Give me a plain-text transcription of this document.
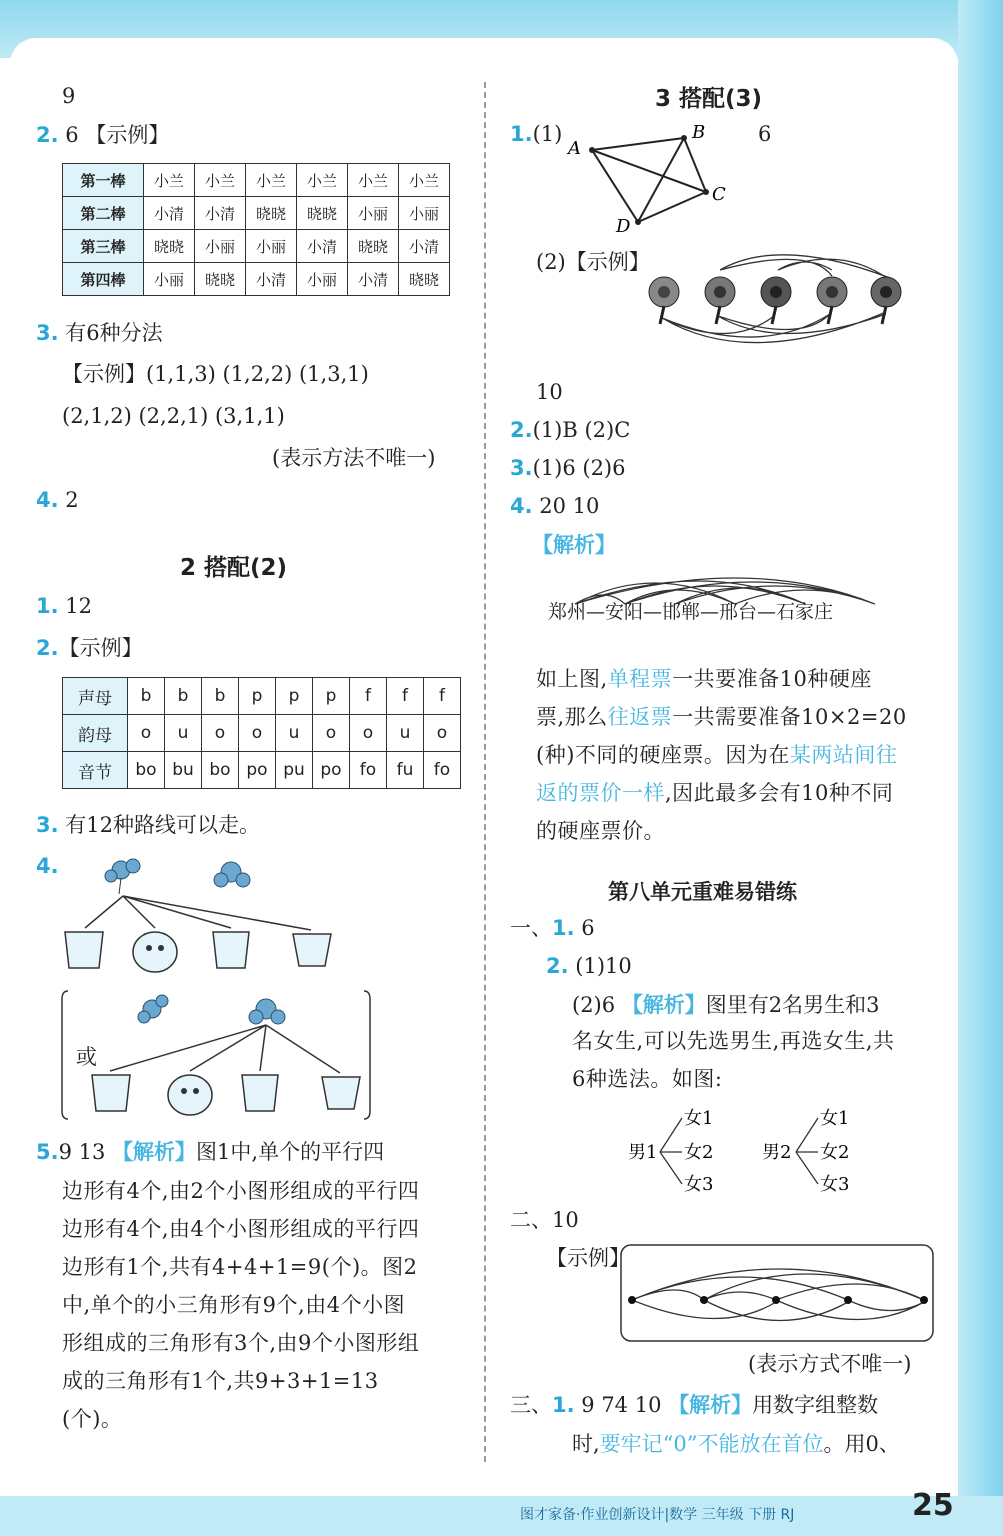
9
2. 6 【示例】
第一棒	小兰	小兰	小兰	小兰	小兰	小兰
第二棒	小清	小清	晓晓	晓晓	小丽	小丽
第三棒	晓晓	小丽	小丽	小清	晓晓	小清
第四棒	小丽	晓晓	小清	小丽	小清	晓晓
3. 有6种分法
【示例】(1,1,3) (1,2,2) (1,3,1)
(2,1,2) (2,2,1) (3,1,1)
(表示方法不唯一)
4. 2
2 搭配(2)
1. 12
2.【示例】
声母	b	b	b	p	p	p	f	f	f
韵母	o	u	o	o	u	o	o	u	o
音节	bo	bu	bo	po	pu	po	fo	fu	fo
3. 有12种路线可以走。
4.
或
5.9 13 【解析】图1中,单个的平行四
边形有4个,由2个小图形组成的平行四
边形有4个,由4个小图形组成的平行四
边形有1个,共有4+4+1=9(个)。图2
中,单个的小三角形有9个,由4个小图
形组成的三角形有3个,由9个小图形组
成的三角形有1个,共9+3+1=13
(个)。
3 搭配(3)
1.(1)	6
A
B
C
D
(2)【示例】
10
2.(1)B (2)C
3.(1)6 (2)6
4. 20 10
【解析】
郑州—安阳—邯郸—邢台—石家庄
如上图,单程票一共要准备10种硬座
票,那么往返票一共需要准备10×2=20
(种)不同的硬座票。因为在某两站间往
返的票价一样,因此最多会有10种不同
的硬座票价。
第八单元重难易错练
一、1. 6
2. (1)10
(2)6 【解析】图里有2名男生和3
名女生,可以先选男生,再选女生,共
6种选法。如图:
男1
女1
女2
女3
男2
女1
女2
女3
二、10
【示例】
(表示方式不唯一)
三、1. 9 74 10 【解析】用数字组整数
时,要牢记“0”不能放在首位。用0、
图才家备·作业创新设计|数学 三年级 下册 RJ	25
